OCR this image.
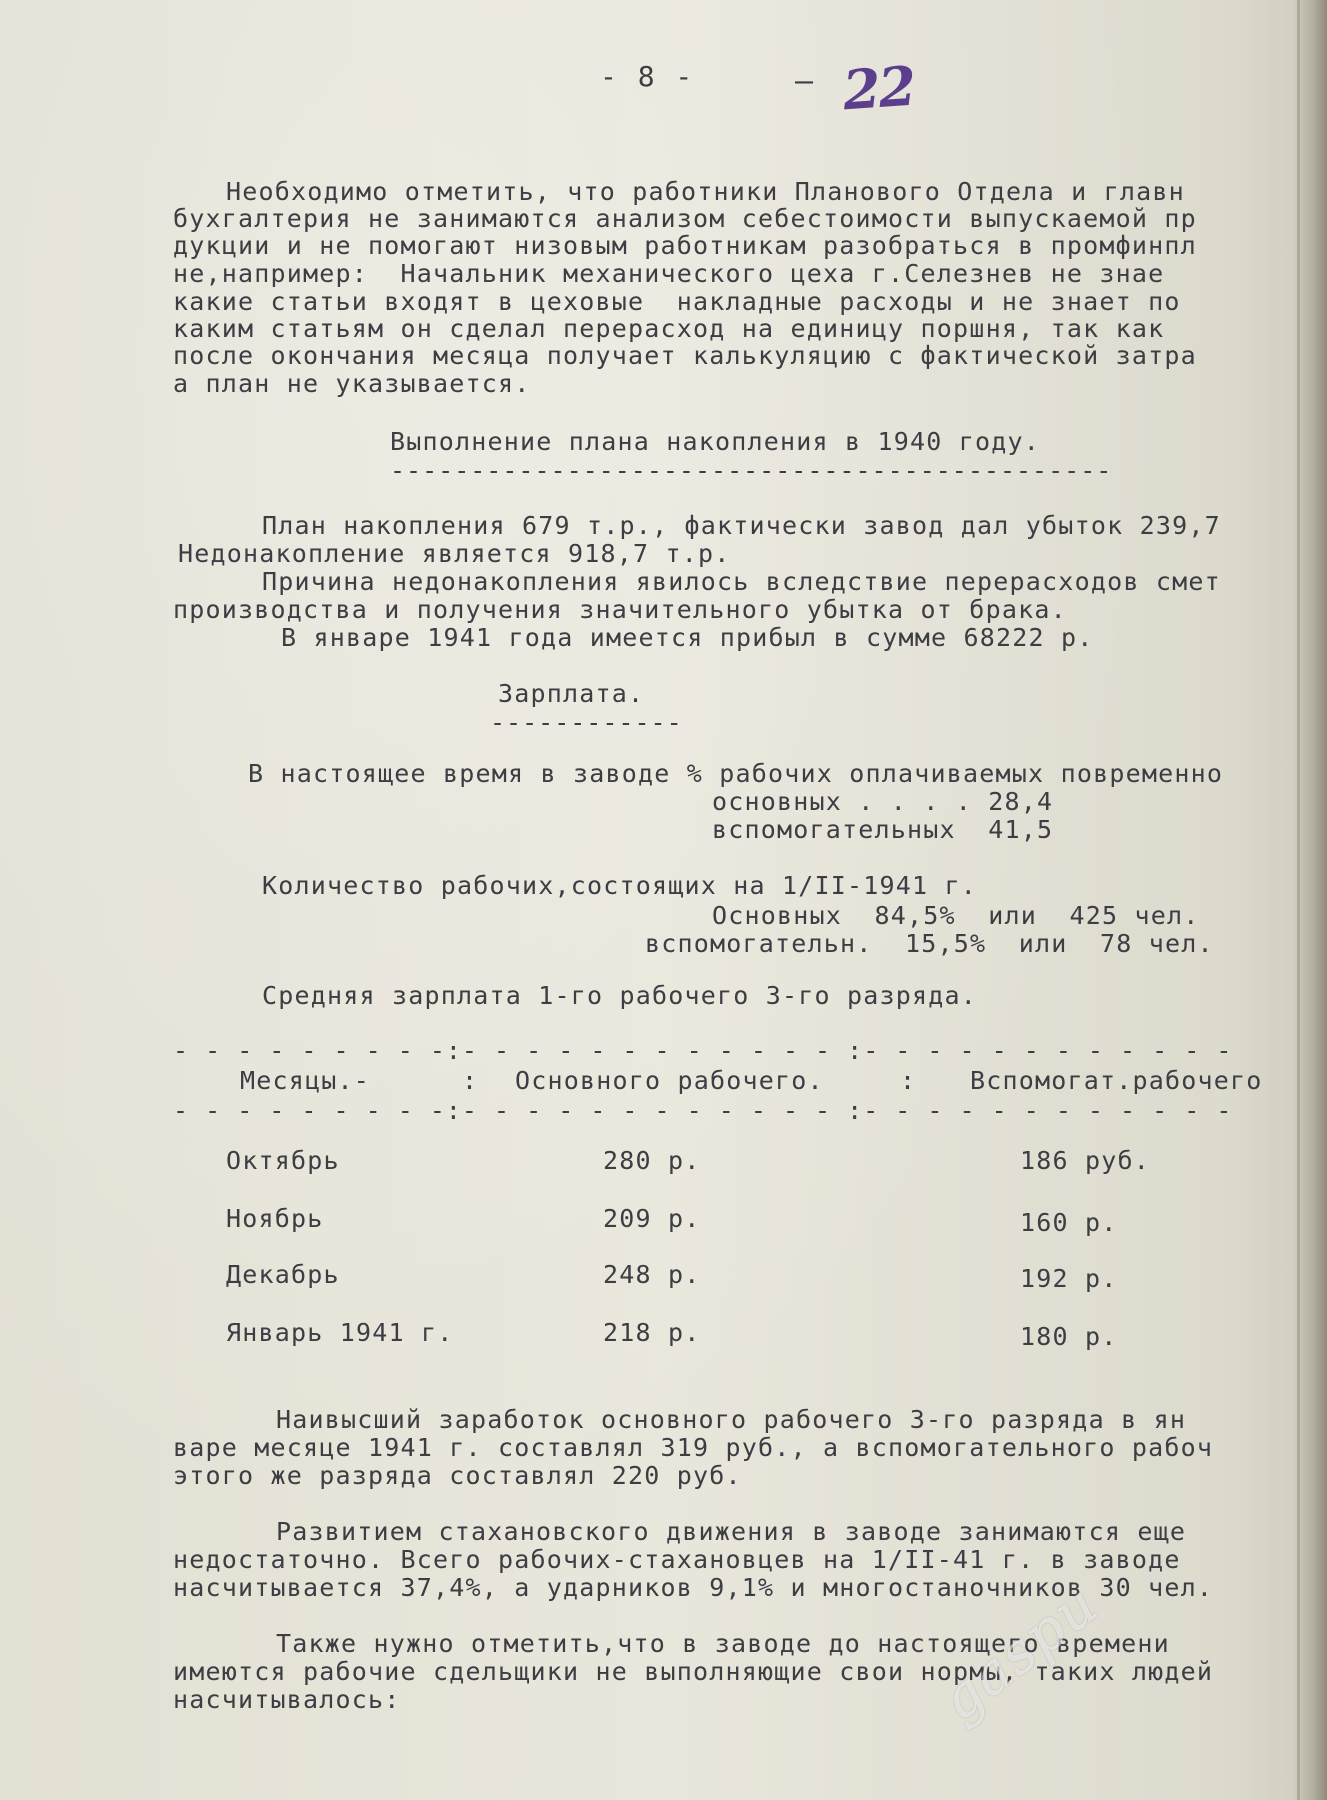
- 8 -	— 22
Необходимо отметить, что работники Планового Отдела и главн
бухгалтерия не занимаются анализом себестоимости выпускаемой пр
дукции и не помогают низовым работникам разобраться в промфинпл
не,например:  Начальник механического цеха г.Селезнев не знае
какие статьи входят в цеховые  накладные расходы и не знает по
каким статьям он сделал перерасход на единицу поршня, так как
после окончания месяца получает калькуляцию с фактической затра
а план не указывается.
Выполнение плана накопления в 1940 году.
---------------------------------------------
План накопления 679 т.р., фактически завод дал убыток 239,7
Недонакопление является 918,7 т.р.
Причина недонакопления явилось вследствие перерасходов смет
производства и получения значительного убытка от брака.
В январе 1941 года имеется прибыл в сумме 68222 р.
Зарплата.
------------
В настоящее время в заводе % рабочих оплачиваемых повременно
основных . . . . 28,4
вспомогательных  41,5
Количество рабочих,состоящих на 1/II-1941 г.
Основных  84,5%  или  425 чел.
вспомогательн.  15,5%  или  78 чел.
Средняя зарплата 1-го рабочего 3-го разряда.
- - - - - - - - -:- - - - - - - - - - - - :- - - - - - - - - - - -
Месяцы.-	: Основного рабочего.	: Вспомогат.рабочего
- - - - - - - - -:- - - - - - - - - - - - :- - - - - - - - - - - -
Октябрь	280 р.	186 руб.
Ноябрь	209 р.	160 р.
Декабрь	248 р.	192 р.
Январь 1941 г.	218 р.	180 р.
Наивысший заработок основного рабочего 3-го разряда в ян
варе месяце 1941 г. составлял 319 руб., а вспомогательного рабоч
этого же разряда составлял 220 руб.
Развитием стахановского движения в заводе занимаются еще
недостаточно. Всего рабочих-стахановцев на 1/II-41 г. в заводе
насчитывается 37,4%, а ударников 9,1% и многостаночников 30 чел.
Также нужно отметить,что в заводе до настоящего времени
имеются рабочие сдельщики не выполняющие свои нормы, таких людей
насчитывалось:	gaspu
